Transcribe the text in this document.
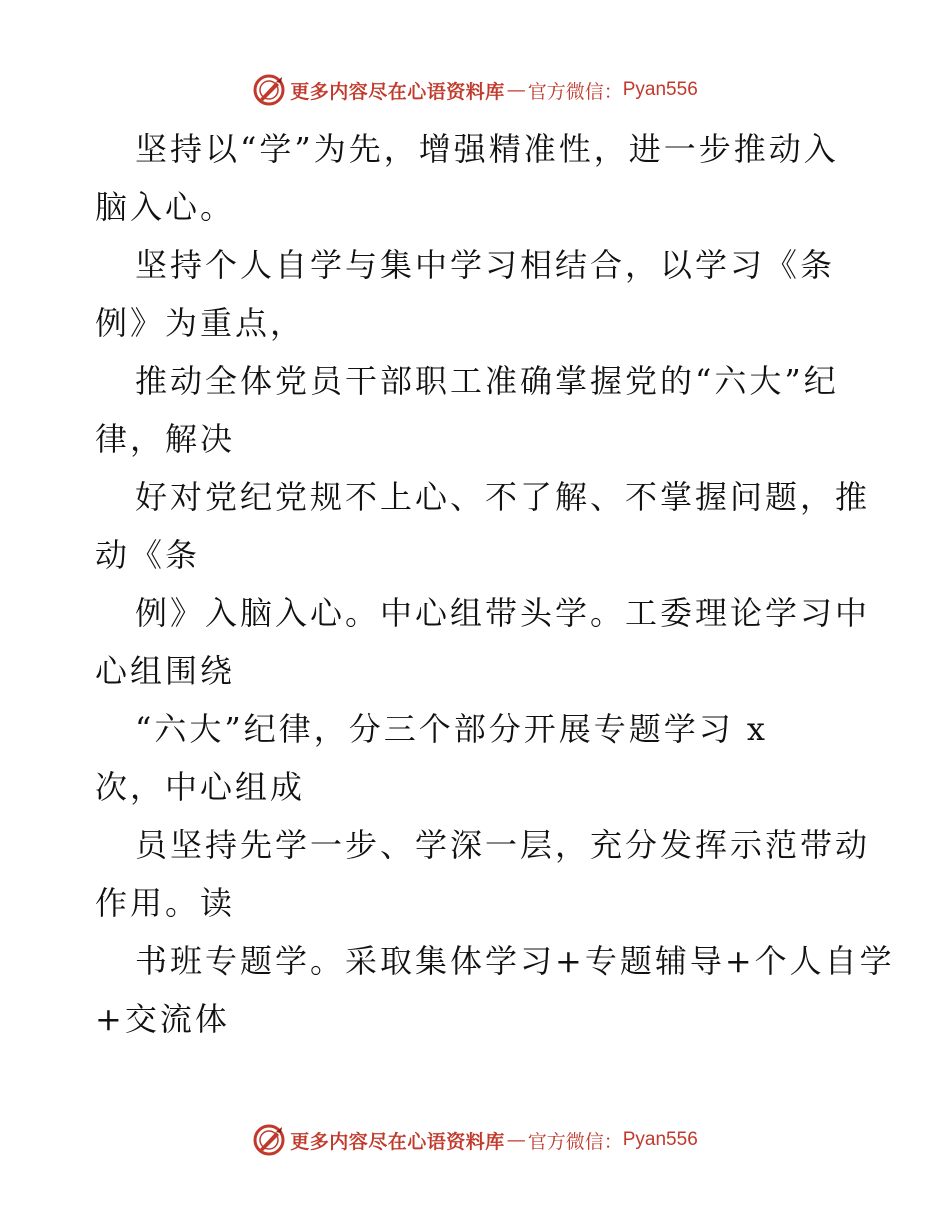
更多内容尽在心语资料库 — 官方微信： Pyan556
坚持以“学”为先，增强精准性，进一步推动入
脑入心。
坚持个人自学与集中学习相结合，以学习《条
例》为重点，
推动全体党员干部职工准确掌握党的“六大”纪
律，解决
好对党纪党规不上心、不了解、不掌握问题，推
动《条
例》入脑入心。中心组带头学。工委理论学习中
心组围绕
“六大”纪律，分三个部分开展专题学习 x
次，中心组成
员坚持先学一步、学深一层，充分发挥示范带动
作用。读
书班专题学。采取集体学习+专题辅导+个人自学
+交流体
更多内容尽在心语资料库 — 官方微信： Pyan556
